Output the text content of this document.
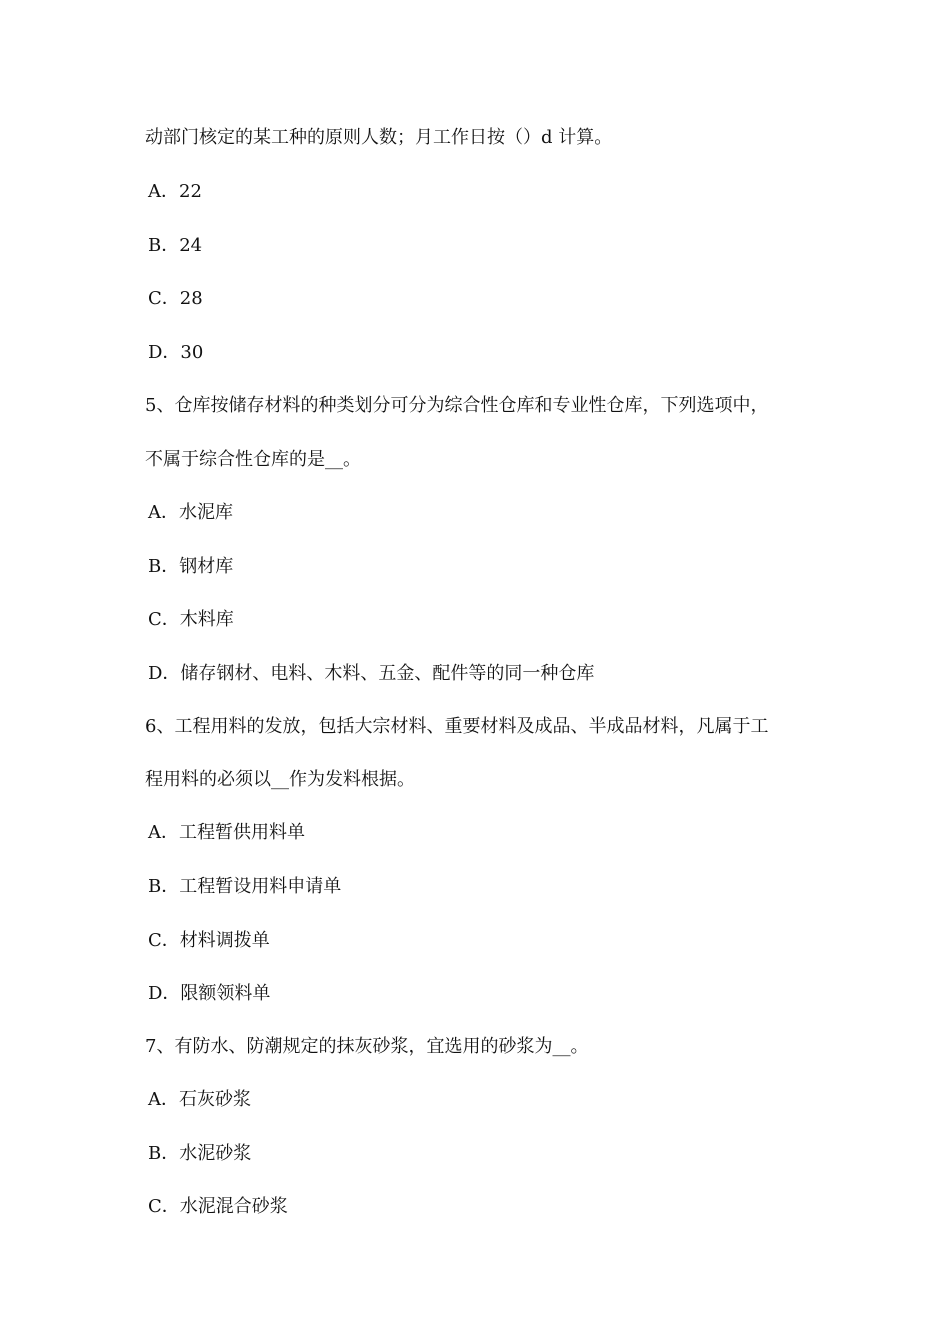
动部门核定的某工种的原则人数；月工作日按（）d 计算。
A．22
B．24
C．28
D．30
5、仓库按储存材料的种类划分可分为综合性仓库和专业性仓库，下列选项中，
不属于综合性仓库的是__。
A．水泥库
B．钢材库
C．木料库
D．储存钢材、电料、木料、五金、配件等的同一种仓库
6、工程用料的发放，包括大宗材料、重要材料及成品、半成品材料，凡属于工
程用料的必须以__作为发料根据。
A．工程暂供用料单
B．工程暂设用料申请单
C．材料调拨单
D．限额领料单
7、有防水、防潮规定的抹灰砂浆，宜选用的砂浆为__。
A．石灰砂浆
B．水泥砂浆
C．水泥混合砂浆
